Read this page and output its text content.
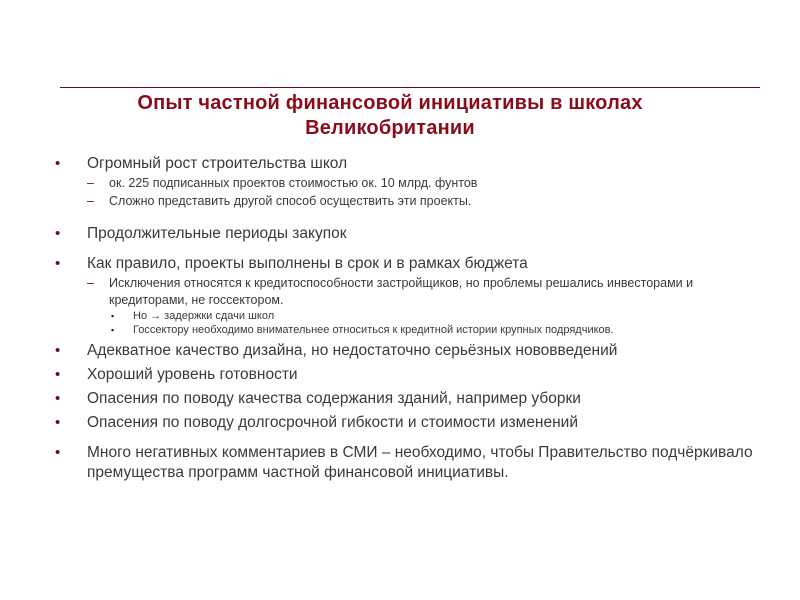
Опыт частной финансовой инициативы в школах Великобритании
•	Огромный рост строительства школ
–	ок. 225 подписанных проектов стоимостью ок. 10 млрд. фунтов
–	Сложно представить другой способ осуществить эти проекты.
•	Продолжительные периоды закупок
•	Как правило, проекты выполнены в срок и в рамках бюджета
–	Исключения относятся к кредитоспособности застройщиков, но проблемы решались инвесторами и кредиторами, не госсектором.
▪	Но → задержки сдачи школ
▪	Госсектору необходимо внимательнее относиться к кредитной истории крупных подрядчиков.
•	Адекватное качество дизайна, но недостаточно серьёзных нововведений
•	Хороший уровень готовности
•	Опасения по поводу качества содержания зданий, например уборки
•	Опасения по поводу долгосрочной гибкости и стоимости изменений
•	Много негативных комментариев в СМИ – необходимо, чтобы Правительство подчёркивало премущества программ частной финансовой инициативы.
